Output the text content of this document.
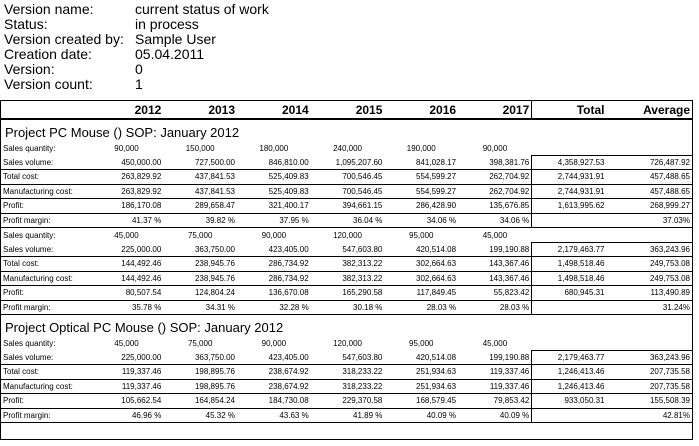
Version name:	current status of work
Status:	in process
Version created by: Sample User
Creation date:	05.04.2011
Version:	0
Version count:	1
	2012	2013	2014	2015	2016	2017	Total	Average
Project PC Mouse () SOP: January 2012								
Sales quantity:	90,000	150,000	180,000	240,000	190,000	90,000		
Sales volume:	450,000.00	727,500.00	846,810.00	1,095,207.60	841,028.17	398,381.76	4,358,927.53	726,487.92
Total cost:	263,829.92	437,841.53	525,409.83	700,546.45	554,599.27	262,704.92	2,744,931.91	457,488.65
Manufacturing cost:	263,829.92	437,841.53	525,409.83	700,546.45	554,599.27	262,704.92	2,744,931.91	457,488.65
Profit:	186,170.08	289,658.47	321,400.17	394,661.15	286,428.90	135,676.85	1,613,995.62	268,999.27
Profit margin:	41.37 %	39.82 %	37.95 %	36.04 %	34.06 %	34.06 %		37.03%
Sales quantity:	45,000	75,000	90,000	120,000	95,000	45,000		
Sales volume:	225,000.00	363,750.00	423,405.00	547,603.80	420,514.08	199,190.88	2,179,463.77	363,243.96
Total cost:	144,492.46	238,945.76	286,734.92	382,313.22	302,664.63	143,367.46	1,498,518.46	249,753.08
Manufacturing cost:	144,492.46	238,945.76	286,734.92	382,313.22	302,664.63	143,367.46	1,498,518.46	249,753.08
Profit:	80,507.54	124,804.24	136,670.08	165,290.58	117,849.45	55,823.42	680,945.31	113,490.89
Profit margin:	35.78 %	34.31 %	32.28 %	30.18 %	28.03 %	28.03 %		31.24%
Project Optical PC Mouse () SOP: January 2012								
Sales quantity:	45,000	75,000	90,000	120,000	95,000	45,000		
Sales volume:	225,000.00	363,750.00	423,405.00	547,603.80	420,514.08	199,190.88	2,179,463.77	363,243.96
Total cost:	119,337.46	198,895.76	238,674.92	318,233.22	251,934.63	119,337.46	1,246,413.46	207,735.58
Manufacturing cost:	119,337.46	198,895.76	238,674.92	318,233.22	251,934.63	119,337.46	1,246,413.46	207,735.58
Profit:	105,662.54	164,854.24	184,730.08	229,370.58	168,579.45	79,853.42	933,050.31	155,508.39
Profit margin:	46.96 %	45.32 %	43.63 %	41.89 %	40.09 %	40.09 %		42.81%
